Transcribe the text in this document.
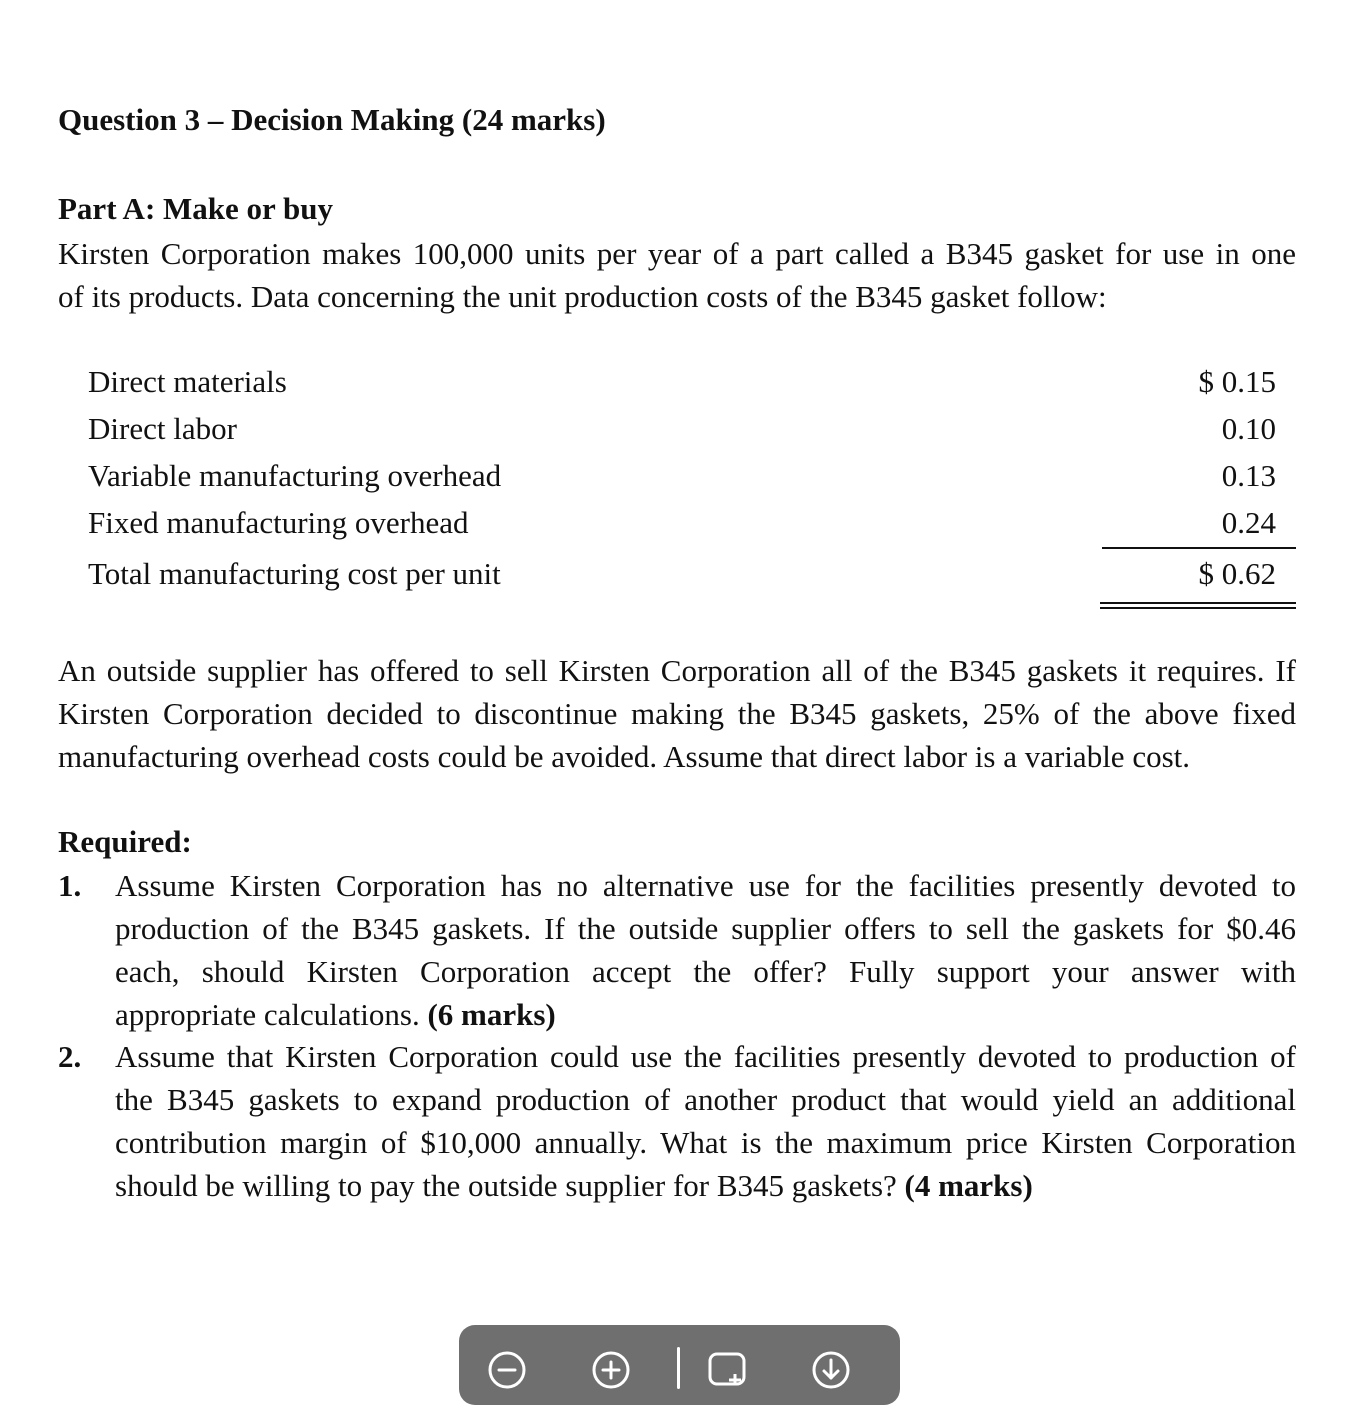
Question 3 – Decision Making (24 marks)
Part A: Make or buy
Kirsten Corporation makes 100,000 units per year of a part called a B345 gasket for use in one
of its products. Data concerning the unit production costs of the B345 gasket follow:
Direct materials	$ 0.15
Direct labor	0.10
Variable manufacturing overhead	0.13
Fixed manufacturing overhead	0.24
Total manufacturing cost per unit	$ 0.62
An outside supplier has offered to sell Kirsten Corporation all of the B345 gaskets it requires. If
Kirsten Corporation decided to discontinue making the B345 gaskets, 25% of the above fixed
manufacturing overhead costs could be avoided. Assume that direct labor is a variable cost.
Required:
1. Assume Kirsten Corporation has no alternative use for the facilities presently devoted to
production of the B345 gaskets. If the outside supplier offers to sell the gaskets for $0.46
each, should Kirsten Corporation accept the offer? Fully support your answer with
appropriate calculations. (6 marks)
2. Assume that Kirsten Corporation could use the facilities presently devoted to production of
the B345 gaskets to expand production of another product that would yield an additional
contribution margin of $10,000 annually. What is the maximum price Kirsten Corporation
should be willing to pay the outside supplier for B345 gaskets? (4 marks)
